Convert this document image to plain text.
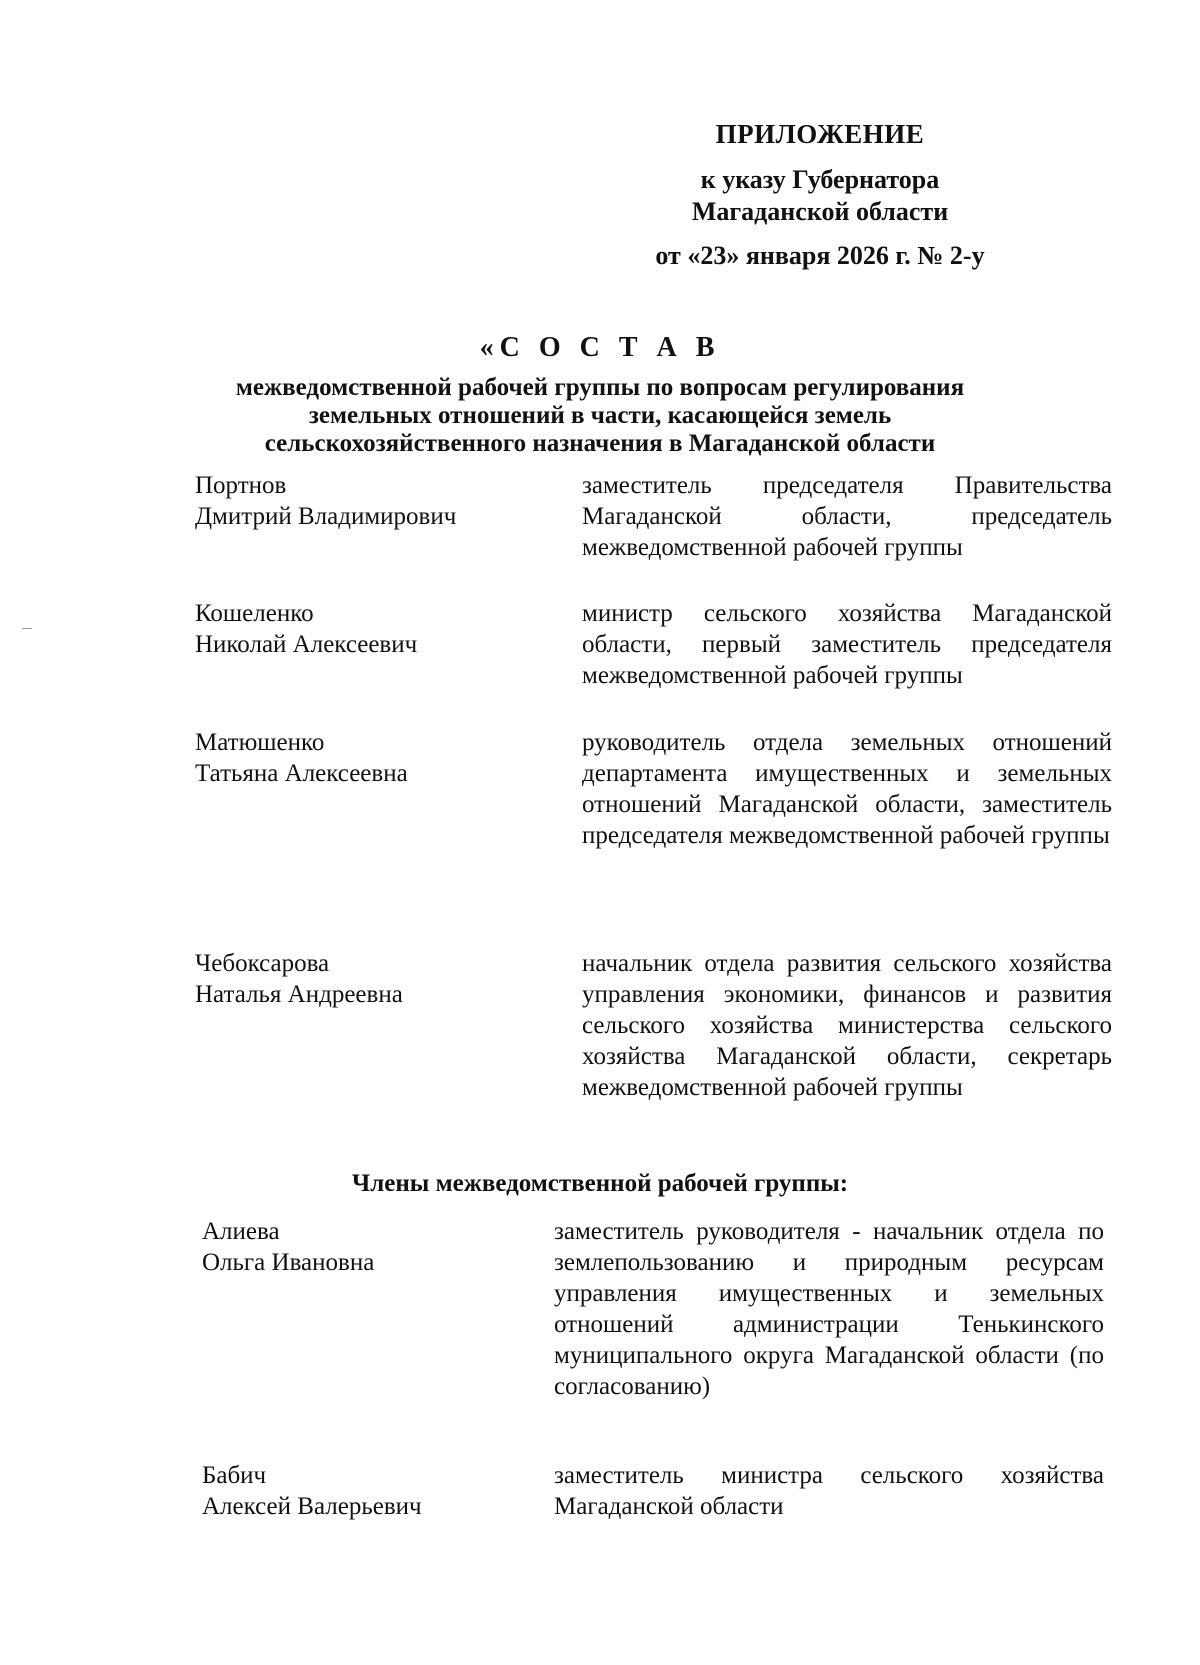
ПРИЛОЖЕНИЕ
к указу Губернатора
Магаданской области
от «23» января 2026 г. № 2-у
«С О С Т А В
межведомственной рабочей группы по вопросам регулирования
земельных отношений в части, касающейся земель
сельскохозяйственного назначения в Магаданской области
Портнов
Дмитрий Владимирович
заместитель председателя Правительства Магаданской области, председатель межведомственной рабочей группы
Кошеленко
Николай Алексеевич
министр сельского хозяйства Магаданской области, первый заместитель председателя межведомственной рабочей группы
Матюшенко
Татьяна Алексеевна
руководитель отдела земельных отношений департамента имущественных и земельных отношений Магаданской области, заместитель председателя межведомственной рабочей группы
Чебоксарова
Наталья Андреевна
начальник отдела развития сельского хозяйства управления экономики, финансов и развития сельского хозяйства министерства сельского хозяйства Магаданской области, секретарь межведомственной рабочей группы
Члены межведомственной рабочей группы:
Алиева
Ольга Ивановна
заместитель руководителя - начальник отдела по землепользованию и природным ресурсам управления имущественных и земельных отношений администрации Тенькинского муниципального округа Магаданской области (по согласованию)
Бабич
Алексей Валерьевич
заместитель министра сельского хозяйства Магаданской области
